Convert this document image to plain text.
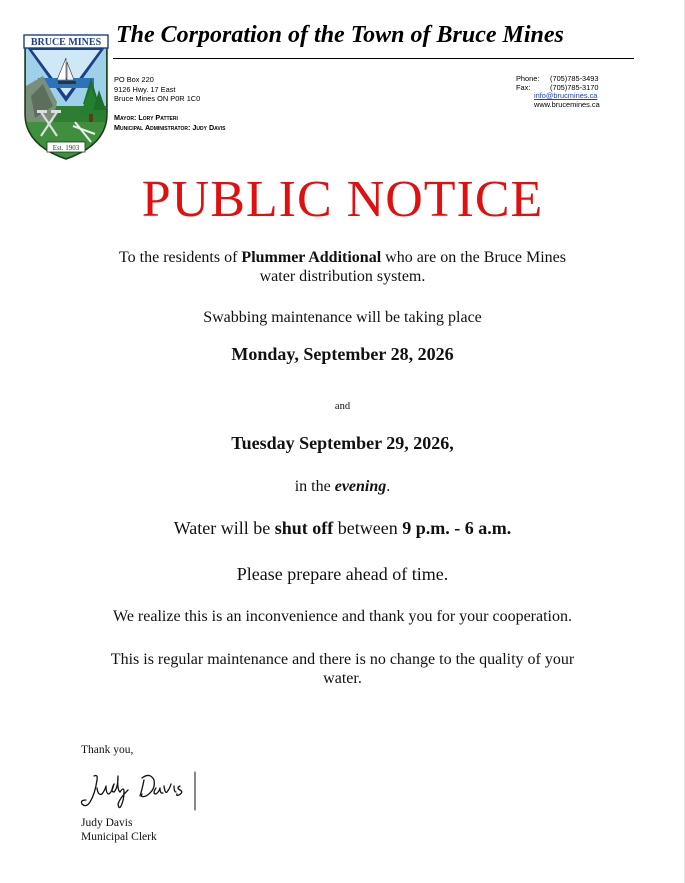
BRUCE MINES
Est. 1903
The Corporation of the Town of Bruce Mines
PO Box 220
9126 Hwy. 17 East
Bruce Mines ON P0R 1C0
Mayor: Lory Patteri
Municipal Administrator: Judy Davis
Phone:	(705)785-3493
Fax:	(705)785-3170
info@brucmines.ca
www.brucemines.ca
PUBLIC NOTICE
To the residents of Plummer Additional who are on the Bruce Mines
water distribution system.
Swabbing maintenance will be taking place
Monday, September 28, 2026
and
Tuesday September 29, 2026,
in the evening.
Water will be shut off between 9 p.m. - 6 a.m.
Please prepare ahead of time.
We realize this is an inconvenience and thank you for your cooperation.
This is regular maintenance and there is no change to the quality of your
water.
Thank you,
Judy Davis
Municipal Clerk
